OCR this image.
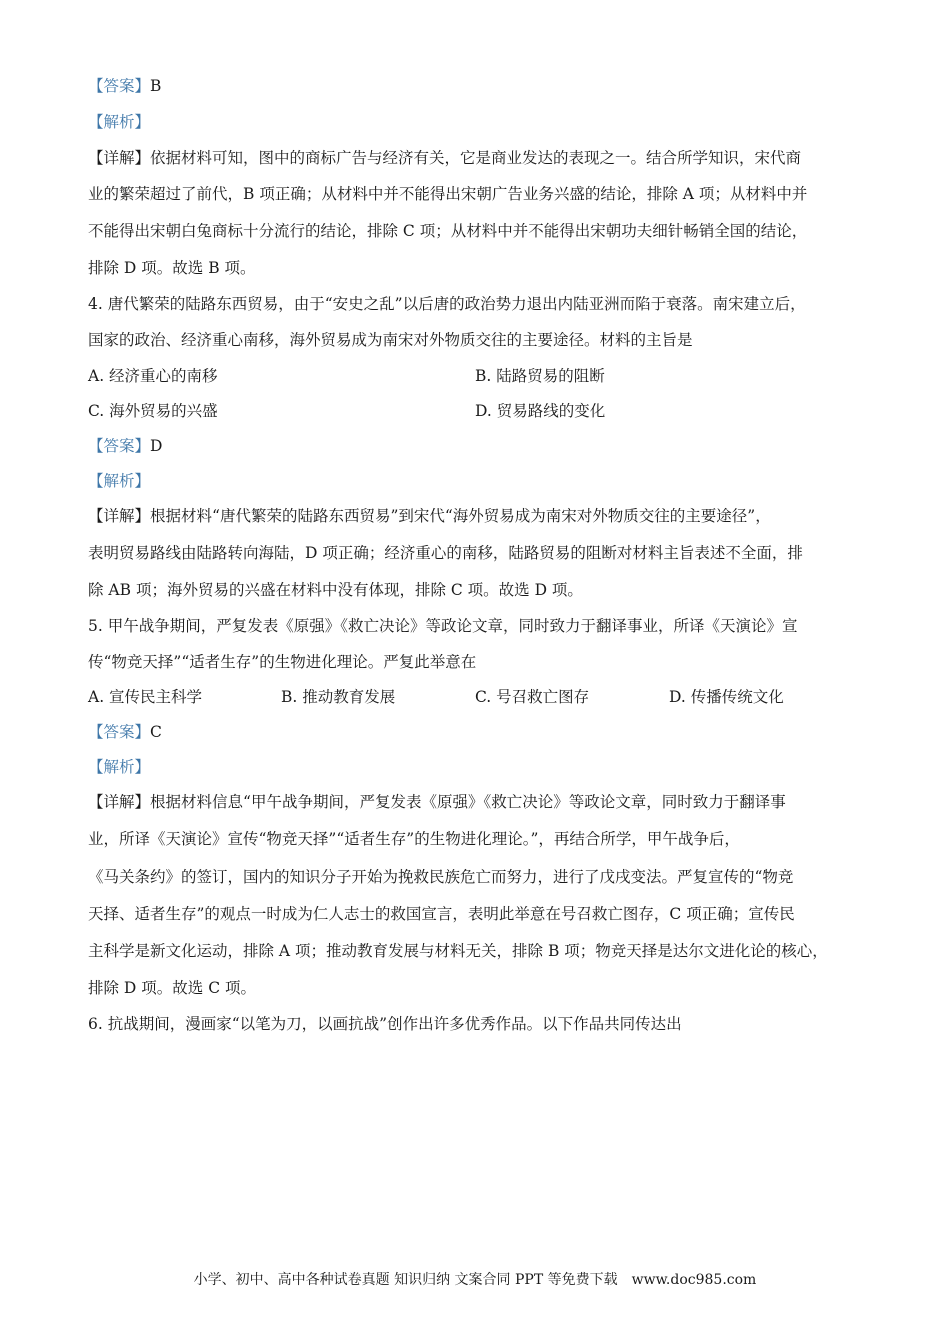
【答案】B
【解析】
【详解】依据材料可知，图中的商标广告与经济有关，它是商业发达的表现之一。结合所学知识，宋代商
业的繁荣超过了前代，B 项正确；从材料中并不能得出宋朝广告业务兴盛的结论，排除 A 项；从材料中并
不能得出宋朝白兔商标十分流行的结论，排除 C 项；从材料中并不能得出宋朝功夫细针畅销全国的结论，
排除 D 项。故选 B 项。
4. 唐代繁荣的陆路东西贸易，由于“安史之乱”以后唐的政治势力退出内陆亚洲而陷于衰落。南宋建立后，
国家的政治、经济重心南移，海外贸易成为南宋对外物质交往的主要途径。材料的主旨是
A. 经济重心的南移	B. 陆路贸易的阻断
C. 海外贸易的兴盛	D. 贸易路线的变化
【答案】D
【解析】
【详解】根据材料“唐代繁荣的陆路东西贸易”到宋代“海外贸易成为南宋对外物质交往的主要途径”，
表明贸易路线由陆路转向海陆，D 项正确；经济重心的南移，陆路贸易的阻断对材料主旨表述不全面，排
除 AB 项；海外贸易的兴盛在材料中没有体现，排除 C 项。故选 D 项。
5. 甲午战争期间，严复发表《原强》《救亡决论》等政论文章，同时致力于翻译事业，所译《天演论》宣
传“物竞天择”“适者生存”的生物进化理论。严复此举意在
A. 宣传民主科学	B. 推动教育发展	C. 号召救亡图存	D. 传播传统文化
【答案】C
【解析】
【详解】根据材料信息“甲午战争期间，严复发表《原强》《救亡决论》等政论文章，同时致力于翻译事
业，所译《天演论》宣传“物竞天择”“适者生存”的生物进化理论。”，再结合所学，甲午战争后，
《马关条约》的签订，国内的知识分子开始为挽救民族危亡而努力，进行了戊戌变法。严复宣传的“物竞
天择、适者生存”的观点一时成为仁人志士的救国宣言，表明此举意在号召救亡图存，C 项正确；宣传民
主科学是新文化运动，排除 A 项；推动教育发展与材料无关，排除 B 项；物竞天择是达尔文进化论的核心，
排除 D 项。故选 C 项。
6. 抗战期间，漫画家“以笔为刀，以画抗战”创作出许多优秀作品。以下作品共同传达出
小学、初中、高中各种试卷真题 知识归纳 文案合同 PPT 等免费下载 www.doc985.com
